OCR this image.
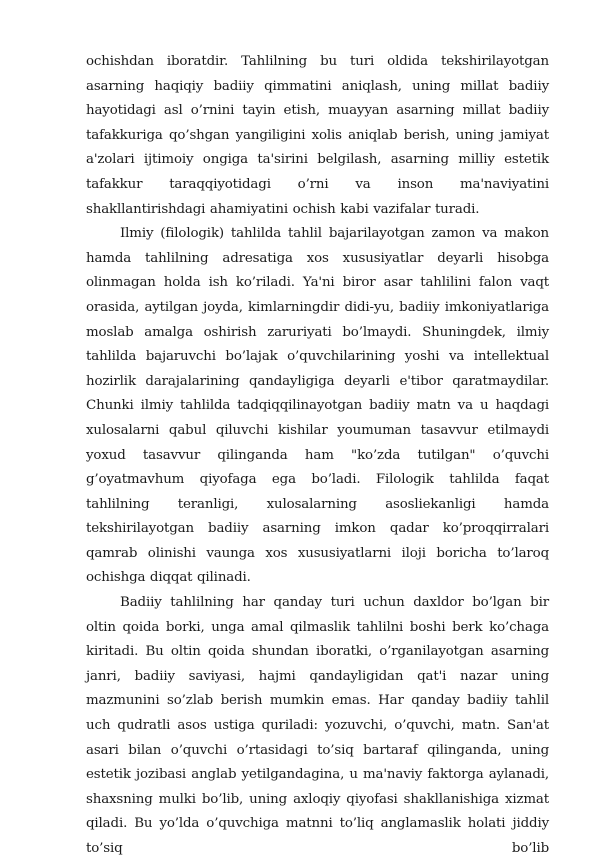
ochishdan iboratdir. Tahlilning bu turi oldida tekshirilayotgan asarning haqiqiy badiiy qimmatini aniqlash, uning millat badiiy hayotidagi asl o’rnini tayin etish, muayyan asarning millat badiiy tafakkuriga qo’shgan yangiligini xolis aniqlab berish, uning jamiyat a'zolari ijtimoiy ongiga ta'sirini belgilash, asarning milliy estetik tafakkur taraqqiyotidagi o’rni va inson ma'naviyatini shakllantirishdagi ahamiyatini ochish kabi vazifalar turadi.

Ilmiy (filologik) tahlilda tahlil bajarilayotgan zamon va makon hamda tahlilning adresatiga xos xususiyatlar deyarli hisobga olinmagan holda ish ko’riladi. Ya'ni biror asar tahlilini falon vaqt orasida, aytilgan joyda, kimlarningdir didi-yu, badiiy imkoniyatlariga moslab amalga oshirish zaruriyati bo’lmaydi. Shuningdek, ilmiy tahlilda bajaruvchi bo’lajak o’quvchilarining yoshi va intellektual hozirlik darajalarining qandayligiga deyarli e'tibor qaratmaydilar. Chunki ilmiy tahlilda tadqiqqilinayotgan badiiy matn va u haqdagi xulosalarni qabul qiluvchi kishilar youmuman tasavvur etilmaydi yoxud tasavvur qilinganda ham "ko’zda tutilgan" o’quvchi g’oyatmavhum qiyofaga ega bo’ladi. Filologik tahlilda faqat tahlilning teranligi, xulosalarning asosliekanligi hamda tekshirilayotgan badiiy asarning imkon qadar ko’proqqirralari qamrab olinishi vaunga xos xususiyatlarni iloji boricha to’laroq ochishga diqqat qilinadi.

Badiiy tahlilning har qanday turi uchun daxldor bo’lgan bir oltin qoida borki, unga amal qilmaslik tahlilni boshi berk ko’chaga kiritadi. Bu oltin qoida shundan iboratki, o’rganilayotgan asarning janri, badiiy saviyasi, hajmi qandayligidan qat'i nazar uning mazmunini so’zlab berish mumkin emas. Har qanday badiiy tahlil uch qudratli asos ustiga quriladi: yozuvchi, o’quvchi, matn. San'at asari bilan o’quvchi o’rtasidagi to’siq bartaraf qilinganda, uning estetik jozibasi anglab yetilgandagina, u ma'naviy faktorga aylanadi, shaxsning mulki bo’lib, uning axloqiy qiyofasi shakllanishiga xizmat qiladi. Bu yo’lda o’quvchiga matnni to’liq anglamaslik holati jiddiy to’siq bo’lib
